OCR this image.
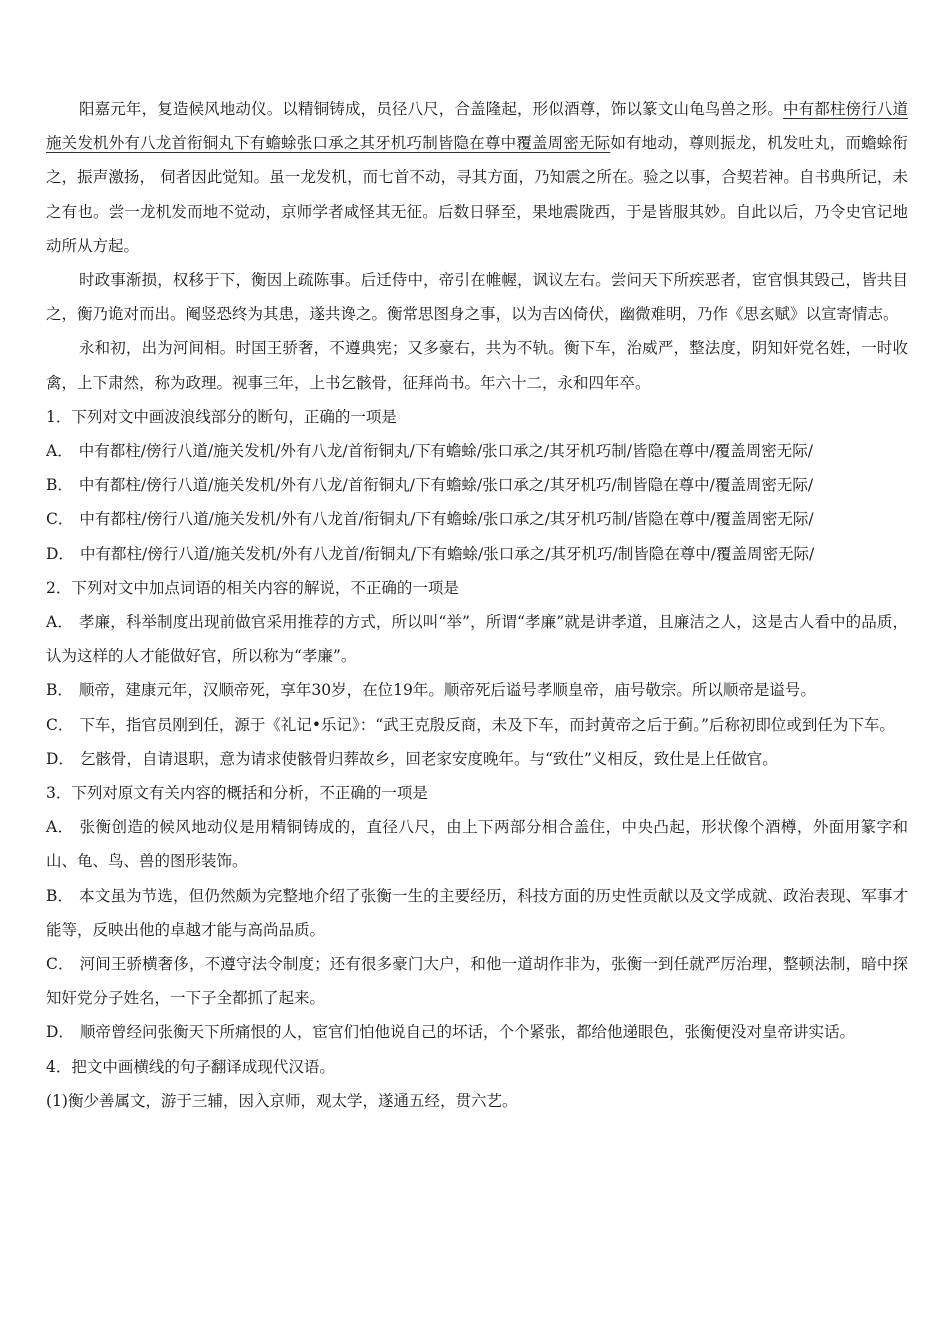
阳嘉元年，复造候风地动仪。以精铜铸成，员径八尺，合盖隆起，形似酒尊，饰以篆文山龟鸟兽之形。中有都柱傍行八道施关发机外有八龙首衔铜丸下有蟾蜍张口承之其牙机巧制皆隐在尊中覆盖周密无际如有地动，尊则振龙，机发吐丸，而蟾蜍衔之，振声激扬， 伺者因此觉知。虽一龙发机，而七首不动，寻其方面，乃知震之所在。验之以事，合契若神。自书典所记，未之有也。尝一龙机发而地不觉动，京师学者咸怪其无征。后数日驿至，果地震陇西，于是皆服其妙。自此以后，乃令史官记地动所从方起。

时政事渐损，权移于下，衡因上疏陈事。后迁侍中，帝引在帷幄，讽议左右。尝问天下所疾恶者，宦官惧其毁己，皆共目之，衡乃诡对而出。阉竖恐终为其患，遂共谗之。衡常思图身之事，以为吉凶倚伏，幽微难明，乃作《思玄赋》以宣寄情志。

永和初，出为河间相。时国王骄奢，不遵典宪；又多豪右，共为不轨。衡下车，治威严，整法度，阴知奸党名姓，一时收禽，上下肃然，称为政理。视事三年，上书乞骸骨，征拜尚书。年六十二，永和四年卒。

1．下列对文中画波浪线部分的断句，正确的一项是

A． 中有都柱/傍行八道/施关发机/外有八龙/首衔铜丸/下有蟾蜍/张口承之/其牙机巧制/皆隐在尊中/覆盖周密无际/

B． 中有都柱/傍行八道/施关发机/外有八龙/首衔铜丸/下有蟾蜍/张口承之/其牙机巧/制皆隐在尊中/覆盖周密无际/

C． 中有都柱/傍行八道/施关发机/外有八龙首/衔铜丸/下有蟾蜍/张口承之/其牙机巧制/皆隐在尊中/覆盖周密无际/

D． 中有都柱/傍行八道/施关发机/外有八龙首/衔铜丸/下有蟾蜍/张口承之/其牙机巧/制皆隐在尊中/覆盖周密无际/

2．下列对文中加点词语的相关内容的解说，不正确的一项是

A． 孝廉，科举制度出现前做官采用推荐的方式，所以叫“举”，所谓“孝廉”就是讲孝道，且廉洁之人，这是古人看中的品质，认为这样的人才能做好官，所以称为“孝廉”。

B． 顺帝，建康元年，汉顺帝死，享年30岁，在位19年。顺帝死后谥号孝顺皇帝，庙号敬宗。所以顺帝是谥号。

C． 下车，指官员刚到任，源于《礼记•乐记》：“武王克殷反商，未及下车，而封黄帝之后于蓟。”后称初即位或到任为下车。

D． 乞骸骨，自请退职，意为请求使骸骨归葬故乡，回老家安度晚年。与“致仕”义相反，致仕是上任做官。

3．下列对原文有关内容的概括和分析，不正确的一项是

A． 张衡创造的候风地动仪是用精铜铸成的，直径八尺，由上下两部分相合盖住，中央凸起，形状像个酒樽，外面用篆字和山、龟、鸟、兽的图形装饰。

B． 本文虽为节选，但仍然颇为完整地介绍了张衡一生的主要经历，科技方面的历史性贡献以及文学成就、政治表现、军事才能等，反映出他的卓越才能与高尚品质。

C． 河间王骄横奢侈，不遵守法令制度；还有很多豪门大户，和他一道胡作非为，张衡一到任就严厉治理，整顿法制，暗中探知奸党分子姓名，一下子全都抓了起来。

D． 顺帝曾经问张衡天下所痛恨的人，宦官们怕他说自己的坏话，个个紧张，都给他递眼色，张衡便没对皇帝讲实话。

4．把文中画横线的句子翻译成现代汉语。

(1)衡少善属文，游于三辅，因入京师，观太学，遂通五经，贯六艺。
